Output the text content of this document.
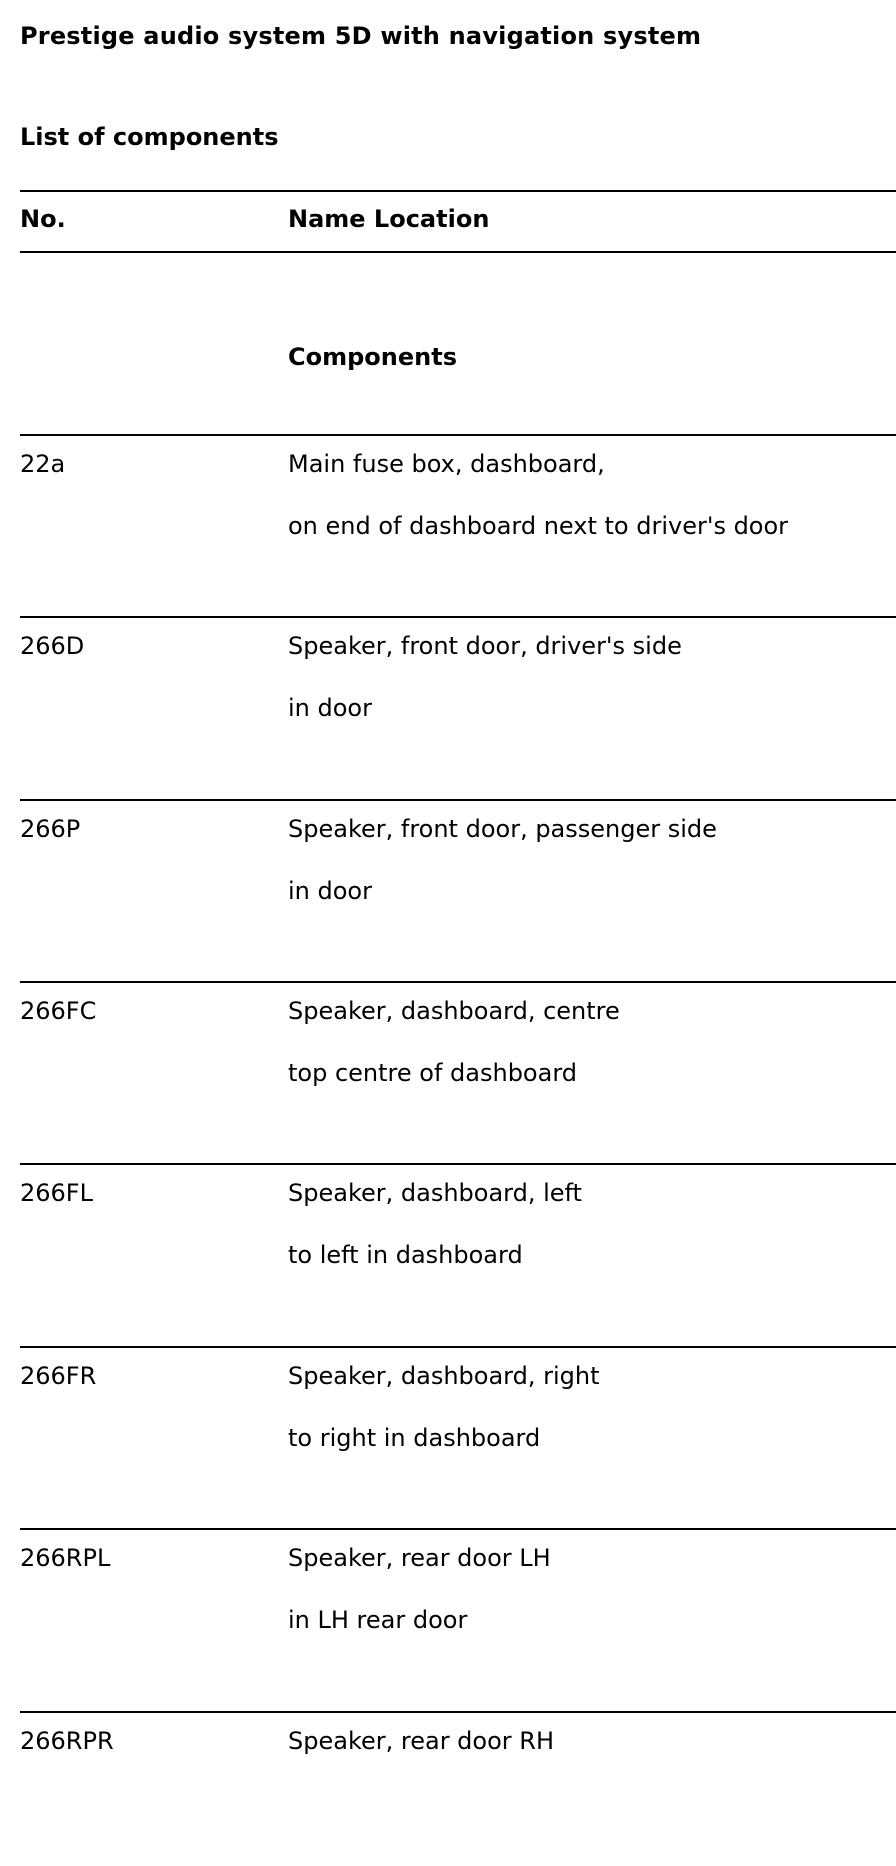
Prestige audio system 5D with navigation system
List of components
No.	Name Location
Components
22a	Main fuse box, dashboard,
on end of dashboard next to driver's door
266D	Speaker, front door, driver's side
in door
266P	Speaker, front door, passenger side
in door
266FC	Speaker, dashboard, centre
top centre of dashboard
266FL	Speaker, dashboard, left
to left in dashboard
266FR	Speaker, dashboard, right
to right in dashboard
266RPL	Speaker, rear door LH
in LH rear door
266RPR	Speaker, rear door RH
